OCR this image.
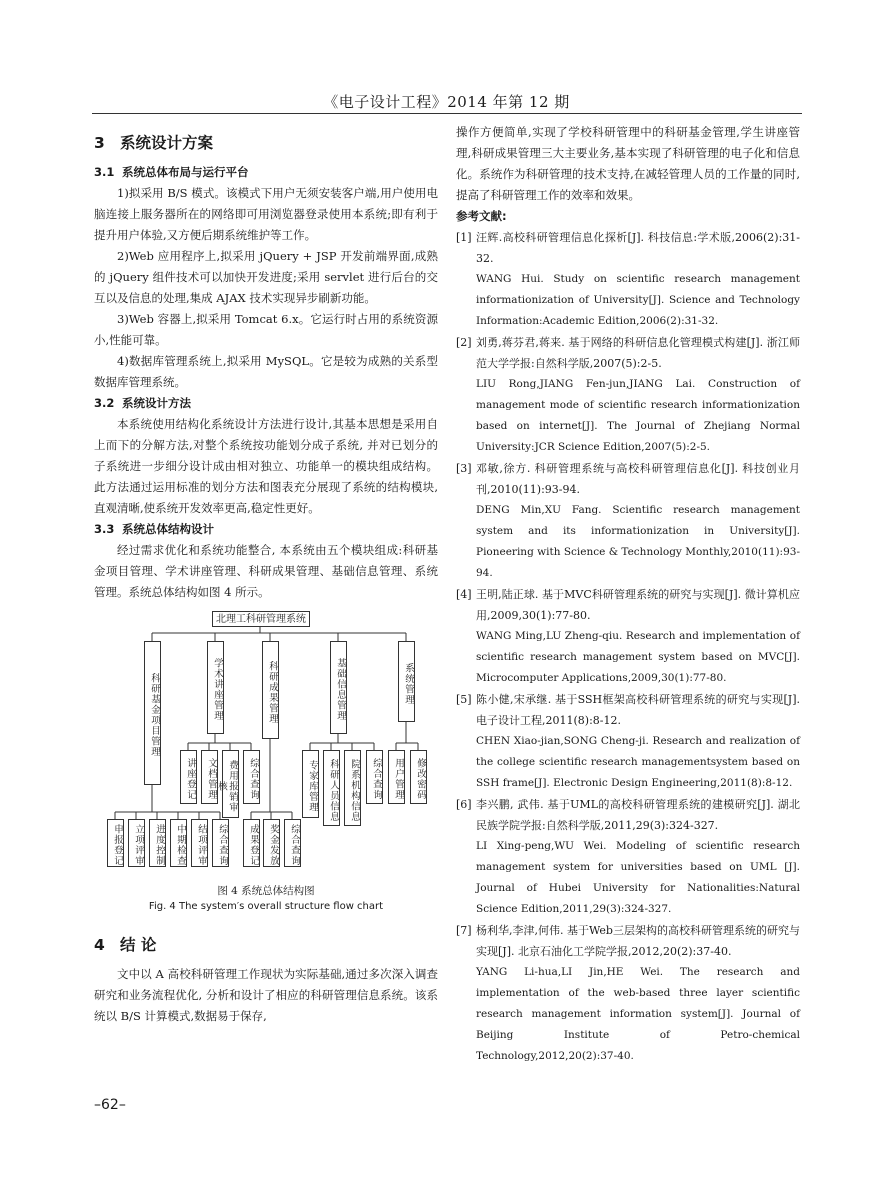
《电子设计工程》2014 年第 12 期
3 系统设计方案
3.1 系统总体布局与运行平台

1)拟采用 B/S 模式。该模式下用户无须安装客户端,用户使用电脑连接上服务器所在的网络即可用浏览器登录使用本系统;即有利于提升用户体验,又方便后期系统维护等工作。

2)Web 应用程序上,拟采用 jQuery + JSP 开发前端界面,成熟的 jQuery 组件技术可以加快开发进度;采用 servlet 进行后台的交互以及信息的处理,集成 AJAX 技术实现异步刷新功能。

3)Web 容器上,拟采用 Tomcat 6.x。它运行时占用的系统资源小,性能可靠。

4)数据库管理系统上,拟采用 MySQL。它是较为成熟的关系型数据库管理系统。

3.2 系统设计方法

本系统使用结构化系统设计方法进行设计,其基本思想是采用自上而下的分解方法,对整个系统按功能划分成子系统, 并对已划分的子系统进一步细分设计成由相对独立、功能单一的模块组成结构。此方法通过运用标准的划分方法和图表充分展现了系统的结构模块,直观清晰,使系统开发效率更高,稳定性更好。

3.3 系统总体结构设计

经过需求优化和系统功能整合, 本系统由五个模块组成:科研基金项目管理、学术讲座管理、科研成果管理、基础信息管理、系统管理。系统总体结构如图 4 所示。

北理工科研管理系统
科研基金项目管理	学术讲座管理	科研成果管理	基础信息管理	系统管理
讲座登记	文档管理	费用报销审核	综合查询	专家库管理	科研人员信息	院系机构信息	综合查询	用户管理	修改密码
申报登记	立项评审	进度控制	中期检查	结项评审	综合查询	成果登记 奖金发放	综合查询
图 4 系统总体结构图
Fig. 4 The system′s overall structure flow chart
4 结 论

文中以 A 高校科研管理工作现状为实际基础,通过多次深入调查研究和业务流程优化, 分析和设计了相应的科研管理信息系统。该系统以 B/S 计算模式,数据易于保存,

操作方便简单,实现了学校科研管理中的科研基金管理,学生讲座管理,科研成果管理三大主要业务,基本实现了科研管理的电子化和信息化。系统作为科研管理的技术支持,在减轻管理人员的工作量的同时, 提高了科研管理工作的效率和效果。

参考文献:
[1] 汪辉.高校科研管理信息化探析[J]. 科技信息:学术版,2006(2):31-32.
WANG Hui. Study on scientific research management informationization of University[J]. Science and Technology Information:Academic Edition,2006(2):31-32.
[2] 刘勇,蒋芬君,蒋来. 基于网络的科研信息化管理模式构建[J]. 浙江师范大学学报:自然科学版,2007(5):2-5.
LIU Rong,JIANG Fen-jun,JIANG Lai. Construction of management mode of scientific research informationization based on internet[J]. The Journal of Zhejiang Normal University:JCR Science Edition,2007(5):2-5.
[3] 邓敏,徐方. 科研管理系统与高校科研管理信息化[J]. 科技创业月刊,2010(11):93-94.
DENG Min,XU Fang. Scientific research management system and its informationization in University[J]. Pioneering with Science & Technology Monthly,2010(11):93-94.
[4] 王明,陆正球. 基于MVC科研管理系统的研究与实现[J]. 微计算机应用,2009,30(1):77-80.
WANG Ming,LU Zheng-qiu. Research and implementation of scientific research management system based on MVC[J]. Microcomputer Applications,2009,30(1):77-80.
[5] 陈小健,宋承继. 基于SSH框架高校科研管理系统的研究与实现[J]. 电子设计工程,2011(8):8-12.
CHEN Xiao-jian,SONG Cheng-ji. Research and realization of the college scientific research managementsystem based on SSH frame[J]. Electronic Design Engineering,2011(8):8-12.
[6] 李兴鹏, 武伟. 基于UML的高校科研管理系统的建模研究[J]. 湖北民族学院学报:自然科学版,2011,29(3):324-327.
LI Xing-peng,WU Wei. Modeling of scientific research management system for universities based on UML [J]. Journal of Hubei University for Nationalities:Natural Science Edition,2011,29(3):324-327.
[7] 杨利华,李津,何伟. 基于Web三层架构的高校科研管理系统的研究与实现[J]. 北京石油化工学院学报,2012,20(2):37-40.
YANG Li-hua,LI Jin,HE Wei. The research and implementation of the web-based three layer scientific research management information system[J]. Journal of Beijing Institute of Petro-chemical Technology,2012,20(2):37-40.
–62–
